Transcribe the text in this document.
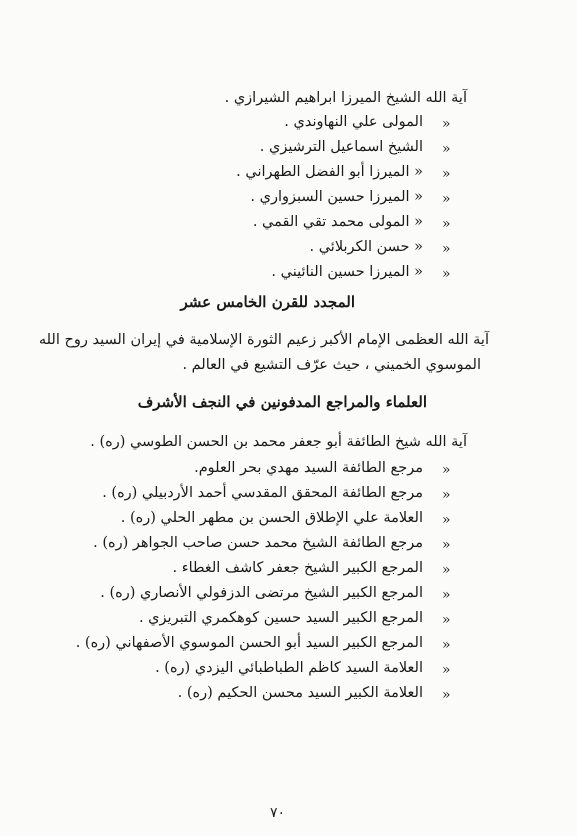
آية الله الشيخ الميرزا ابراهيم الشيرازي .
«
المولى علي النهاوندي .
«
الشيخ اسماعيل الترشيزي .
«
« الميرزا أبو الفضل الطهراني .
«
« الميرزا حسين السبزواري .
«
« المولى محمد تقي القمي .
«
« حسن الكربلائي .
«
« الميرزا حسين النائيني .
المجدد للقرن الخامس عشر
آية الله العظمى الإمام الأكبر زعيم الثورة الإسلامية في إيران السيد روح الله
الموسوي الخميني ، حيث عرّف التشيع في العالم .
العلماء والمراجع المدفونين في النجف الأشرف
آية الله شيخ الطائفة أبو جعفر محمد بن الحسن الطوسي (ره) .
«
مرجع الطائفة السيد مهدي بحر العلوم.
«
مرجع الطائفة المحقق المقدسي أحمد الأردبيلي (ره) .
«
العلامة علي الإطلاق الحسن بن مطهر الحلي (ره) .
«
مرجع الطائفة الشيخ محمد حسن صاحب الجواهر (ره) .
«
المرجع الكبير الشيخ جعفر كاشف الغطاء .
«
المرجع الكبير الشيخ مرتضى الدزفولي الأنصاري (ره) .
«
المرجع الكبير السيد حسين كوهكمري التبريزي .
«
المرجع الكبير السيد أبو الحسن الموسوي الأصفهاني (ره) .
«
العلامة السيد كاظم الطباطبائي اليزدي (ره) .
«
العلامة الكبير السيد محسن الحكيم (ره) .
٧٠
